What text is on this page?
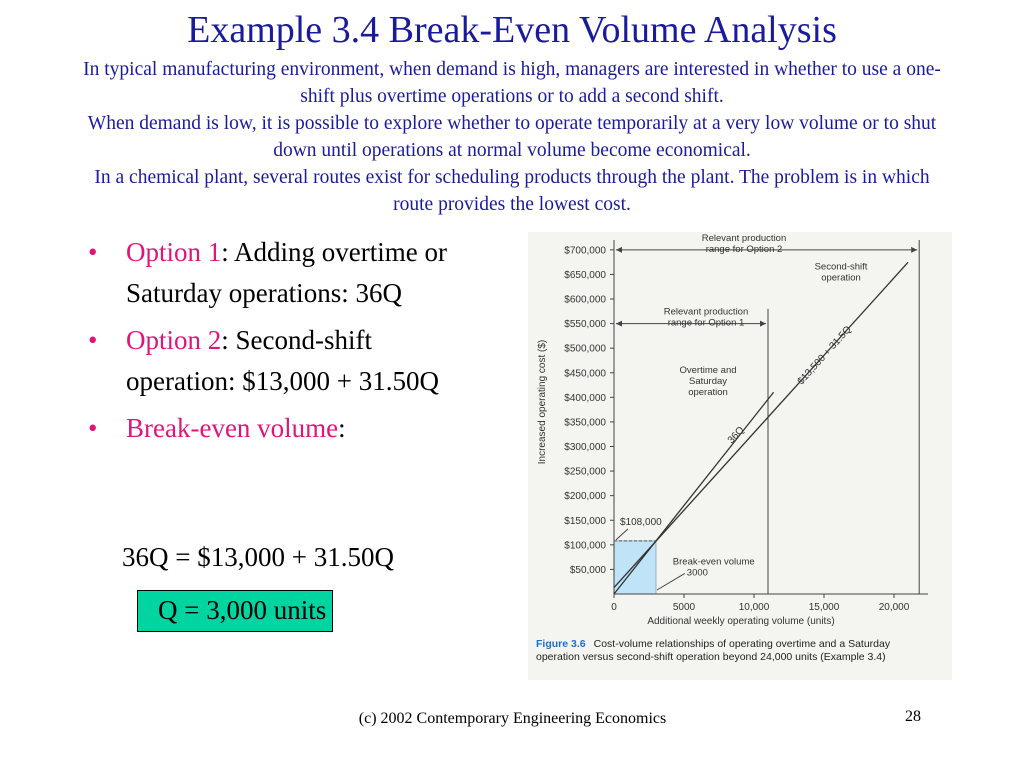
Example 3.4 Break-Even Volume Analysis

In typical manufacturing environment, when demand is high, managers are interested in whether to use a one-shift plus overtime operations or to add a second shift.

When demand is low, it is possible to explore whether to operate temporarily at a very low volume or to shut down until operations at normal volume become economical.

In a chemical plant, several routes exist for scheduling products through the plant. The problem is in which route provides the lowest cost.

• Option 1: Adding overtime or Saturday operations: 36Q
• Option 2: Second-shift operation: $13,000 + 31.50Q
• Break-even volume:
36Q = $13,000 + 31.50Q
Q = 3,000 units
Increased operating cost ($)
Additional weekly operating volume (units)
$50,000
$100,000
$150,000
$200,000
$250,000
$300,000
$350,000
$400,000
$450,000
$500,000
$550,000
$600,000
$650,000
$700,000
0	5000	10,000	15,000	20,000
Relevant production range for Option 2
Second-shift operation
Relevant production range for Option 1
Overtime and Saturday operation
36Q
$13,500 + 31.5Q
$108,000
Break-even volume
3000
Figure 3.6 Cost-volume relationships of operating overtime and a Saturday operation versus second-shift operation beyond 24,000 units (Example 3.4)
(c) 2002 Contemporary Engineering Economics	28
